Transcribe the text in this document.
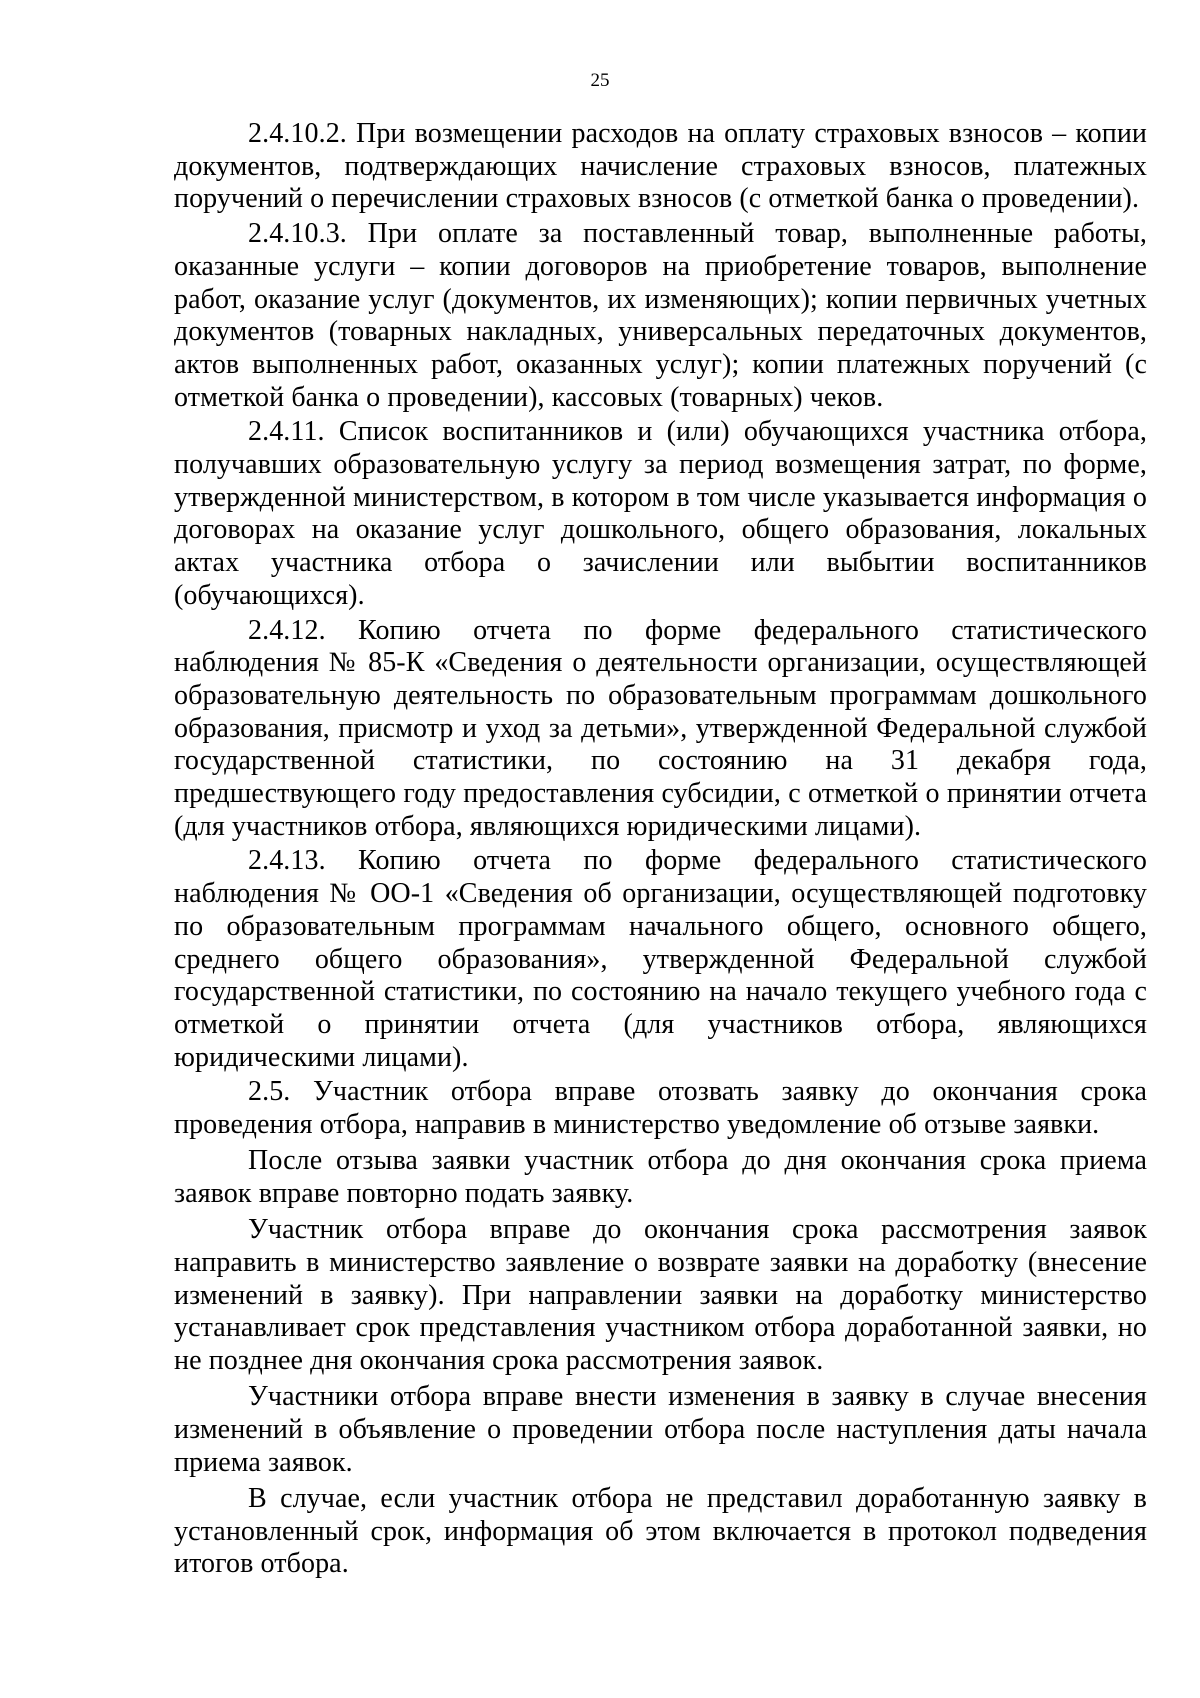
25

2.4.10.2. При возмещении расходов на оплату страховых взносов – копии документов, подтверждающих начисление страховых взносов, платежных поручений о перечислении страховых взносов (с отметкой банка о проведении).

2.4.10.3. При оплате за поставленный товар, выполненные работы, оказанные услуги – копии договоров на приобретение товаров, выполнение работ, оказание услуг (документов, их изменяющих); копии первичных учетных документов (товарных накладных, универсальных передаточных документов, актов выполненных работ, оказанных услуг); копии платежных поручений (с отметкой банка о проведении), кассовых (товарных) чеков.

2.4.11. Список воспитанников и (или) обучающихся участника отбора, получавших образовательную услугу за период возмещения затрат, по форме, утвержденной министерством, в котором в том числе указывается информация о договорах на оказание услуг дошкольного, общего образования, локальных актах участника отбора о зачислении или выбытии воспитанников (обучающихся).

2.4.12. Копию отчета по форме федерального статистического наблюдения № 85-К «Сведения о деятельности организации, осуществляющей образовательную деятельность по образовательным программам дошкольного образования, присмотр и уход за детьми», утвержденной Федеральной службой государственной статистики, по состоянию на 31 декабря года, предшествующего году предоставления субсидии, с отметкой о принятии отчета (для участников отбора, являющихся юридическими лицами).

2.4.13. Копию отчета по форме федерального статистического наблюдения № ОО-1 «Сведения об организации, осуществляющей подготовку по образовательным программам начального общего, основного общего, среднего общего образования», утвержденной Федеральной службой государственной статистики, по состоянию на начало текущего учебного года с отметкой о принятии отчета (для участников отбора, являющихся юридическими лицами).

2.5. Участник отбора вправе отозвать заявку до окончания срока проведения отбора, направив в министерство уведомление об отзыве заявки.

После отзыва заявки участник отбора до дня окончания срока приема заявок вправе повторно подать заявку.

Участник отбора вправе до окончания срока рассмотрения заявок направить в министерство заявление о возврате заявки на доработку (внесение изменений в заявку). При направлении заявки на доработку министерство устанавливает срок представления участником отбора доработанной заявки, но не позднее дня окончания срока рассмотрения заявок.

Участники отбора вправе внести изменения в заявку в случае внесения изменений в объявление о проведении отбора после наступления даты начала приема заявок.

В случае, если участник отбора не представил доработанную заявку в установленный срок, информация об этом включается в протокол подведения итогов отбора.
